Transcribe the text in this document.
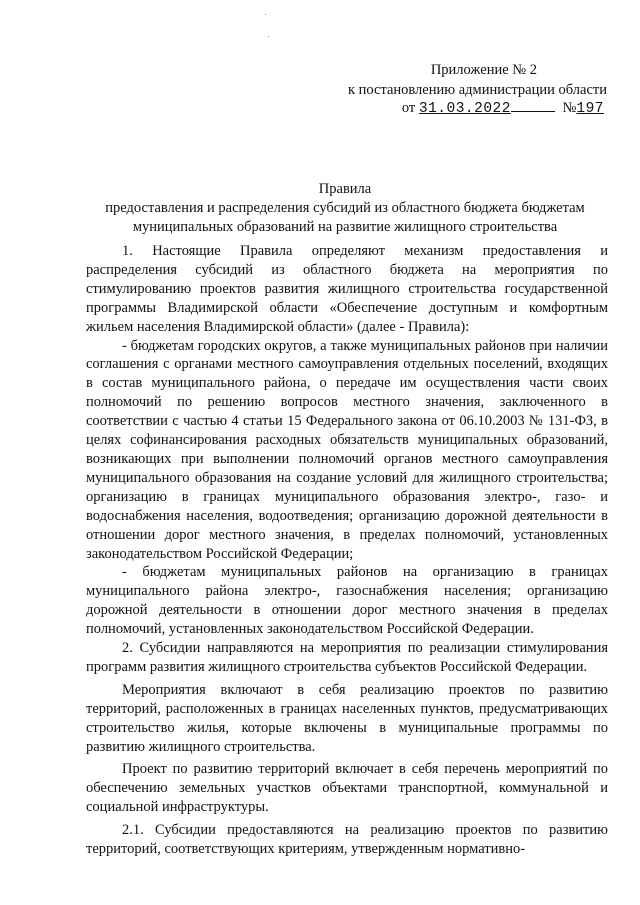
Приложение № 2
к постановлению администрации области
от 31.03.2022	№197
Правила
предоставления и распределения субсидий из областного бюджета бюджетам
муниципальных образований на развитие жилищного строительства

1. Настоящие Правила определяют механизм предоставления и распределения субсидий из областного бюджета на мероприятия по стимулированию проектов развития жилищного строительства государственной программы Владимирской области «Обеспечение доступным и комфортным жильем населения Владимирской области» (далее - Правила):

- бюджетам городских округов, а также муниципальных районов при наличии соглашения с органами местного самоуправления отдельных поселений, входящих в состав муниципального района, о передаче им осуществления части своих полномочий по решению вопросов местного значения, заключенного в соответствии с частью 4 статьи 15 Федерального закона от 06.10.2003 № 131-ФЗ, в целях софинансирования расходных обязательств муниципальных образований, возникающих при выполнении полномочий органов местного самоуправления муниципального образования на создание условий для жилищного строительства; организацию в границах муниципального образования электро-, газо- и водоснабжения населения, водоотведения; организацию дорожной деятельности в отношении дорог местного значения, в пределах полномочий, установленных законодательством Российской Федерации;

- бюджетам муниципальных районов на организацию в границах муниципального района электро-, газоснабжения населения; организацию дорожной деятельности в отношении дорог местного значения в пределах полномочий, установленных законодательством Российской Федерации.

2. Субсидии направляются на мероприятия по реализации стимулирования программ развития жилищного строительства субъектов Российской Федерации.

Мероприятия включают в себя реализацию проектов по развитию территорий, расположенных в границах населенных пунктов, предусматривающих строительство жилья, которые включены в муниципальные программы по развитию жилищного строительства.

Проект по развитию территорий включает в себя перечень мероприятий по обеспечению земельных участков объектами транспортной, коммунальной и социальной инфраструктуры.

2.1. Субсидии предоставляются на реализацию проектов по развитию территорий, соответствующих критериям, утвержденным нормативно-
